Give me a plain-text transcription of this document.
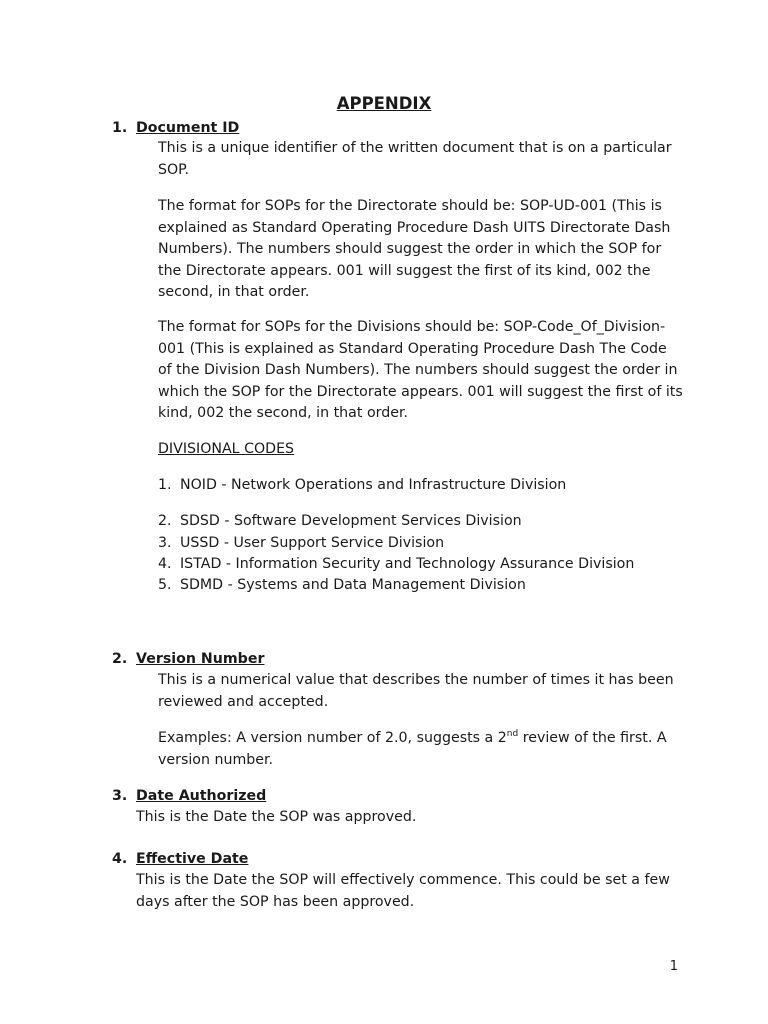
APPENDIX
1. Document ID

This is a unique identifier of the written document that is on a particular SOP.

The format for SOPs for the Directorate should be: SOP-UD-001 (This is explained as Standard Operating Procedure Dash UITS Directorate Dash Numbers). The numbers should suggest the order in which the SOP for the Directorate appears. 001 will suggest the first of its kind, 002 the second, in that order.

The format for SOPs for the Divisions should be: SOP-Code_Of_Division-001 (This is explained as Standard Operating Procedure Dash The Code of the Division Dash Numbers). The numbers should suggest the order in which the SOP for the Directorate appears. 001 will suggest the first of its kind, 002 the second, in that order.

DIVISIONAL CODES

1. NOID - Network Operations and Infrastructure Division
2. SDSD - Software Development Services Division
3. USSD - User Support Service Division
4. ISTAD - Information Security and Technology Assurance Division
5. SDMD - Systems and Data Management Division
2. Version Number

This is a numerical value that describes the number of times it has been reviewed and accepted.

Examples: A version number of 2.0, suggests a 2nd review of the first. A version number.

3. Date Authorized

This is the Date the SOP was approved.

4. Effective Date

This is the Date the SOP will effectively commence. This could be set a few days after the SOP has been approved.

1
